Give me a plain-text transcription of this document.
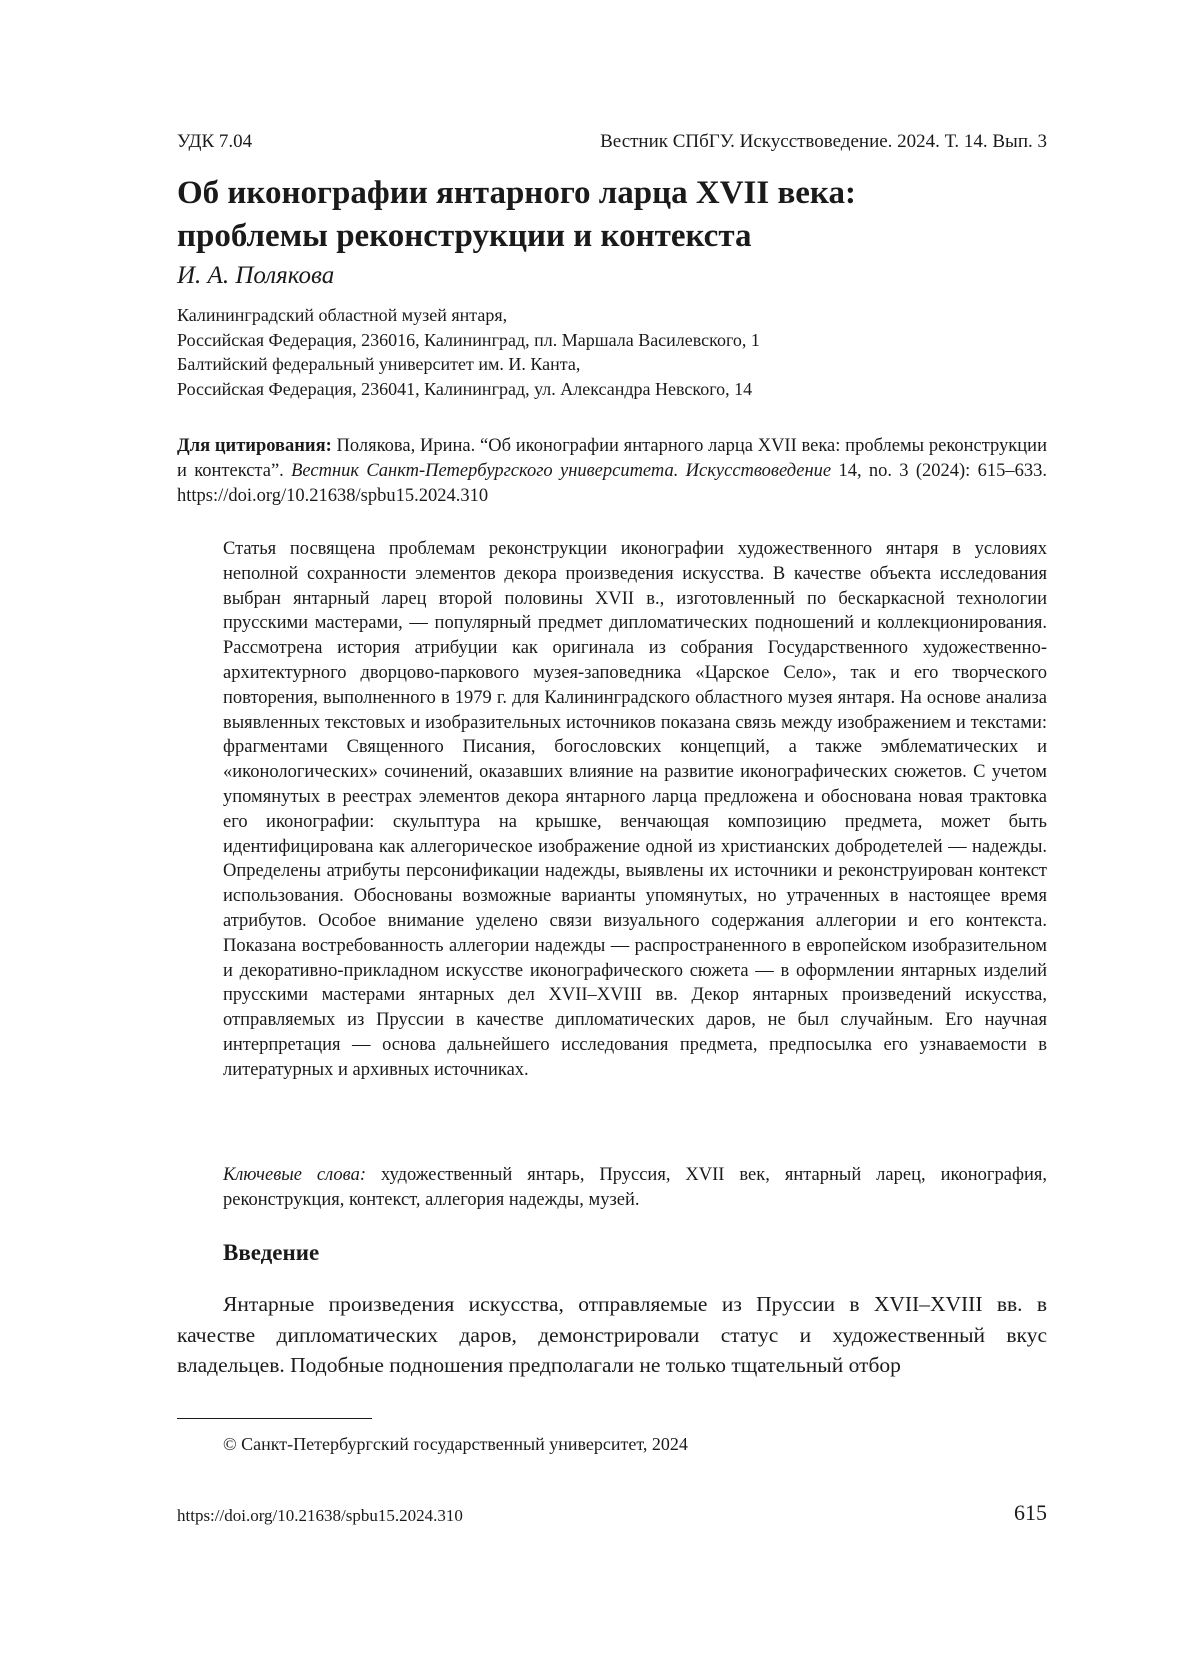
УДК 7.04	Вестник СПбГУ. Искусствоведение. 2024. Т. 14. Вып. 3
Об иконографии янтарного ларца XVII века:
проблемы реконструкции и контекста
И. А. Полякова
Калининградский областной музей янтаря,
Российская Федерация, 236016, Калининград, пл. Маршала Василевского, 1
Балтийский федеральный университет им. И. Канта,
Российская Федерация, 236041, Калининград, ул. Александра Невского, 14
Для цитирования: Полякова, Ирина. “Об иконографии янтарного ларца XVII века: проблемы реконструкции и контекста”. Вестник Санкт-Петербургского университета. Искусствоведение 14, no. 3 (2024): 615–633. https://doi.org/10.21638/spbu15.2024.310

Статья посвящена проблемам реконструкции иконографии художественного янтаря в условиях неполной сохранности элементов декора произведения искусства. В качестве объекта исследования выбран янтарный ларец второй половины XVII в., изготовленный по бескаркасной технологии прусскими мастерами, — популярный предмет дипломатических подношений и коллекционирования. Рассмотрена история атрибуции как оригинала из собрания Государственного художественно-архитектурного дворцово-паркового музея-заповедника «Царское Село», так и его творческого повторения, выполненного в 1979 г. для Калининградского областного музея янтаря. На основе анализа выявленных текстовых и изобразительных источников показана связь между изображением и текстами: фрагментами Священного Писания, богословских концепций, а также эмблематических и «иконологических» сочинений, оказавших влияние на развитие иконографических сюжетов. С учетом упомянутых в реестрах элементов декора янтарного ларца предложена и обоснована новая трактовка его иконографии: скульптура на крышке, венчающая композицию предмета, может быть идентифицирована как аллегорическое изображение одной из христианских добродетелей — надежды. Определены атрибуты персонификации надежды, выявлены их источники и реконструирован контекст использования. Обоснованы возможные варианты упомянутых, но утраченных в настоящее время атрибутов. Особое внимание уделено связи визуального содержания аллегории и его контекста. Показана востребованность аллегории надежды — распространенного в европейском изобразительном и декоративно-прикладном искусстве иконографического сюжета — в оформлении янтарных изделий прусскими мастерами янтарных дел XVII–XVIII вв. Декор янтарных произведений искусства, отправляемых из Пруссии в качестве дипломатических даров, не был случайным. Его научная интерпретация — основа дальнейшего исследования предмета, предпосылка его узнаваемости в литературных и архивных источниках.

Ключевые слова: художественный янтарь, Пруссия, XVII век, янтарный ларец, иконография, реконструкция, контекст, аллегория надежды, музей.
Введение

Янтарные произведения искусства, отправляемые из Пруссии в XVII–XVIII вв. в качестве дипломатических даров, демонстрировали статус и художественный вкус владельцев. Подобные подношения предполагали не только тщательный отбор

© Санкт-Петербургский государственный университет, 2024
https://doi.org/10.21638/spbu15.2024.310	615
